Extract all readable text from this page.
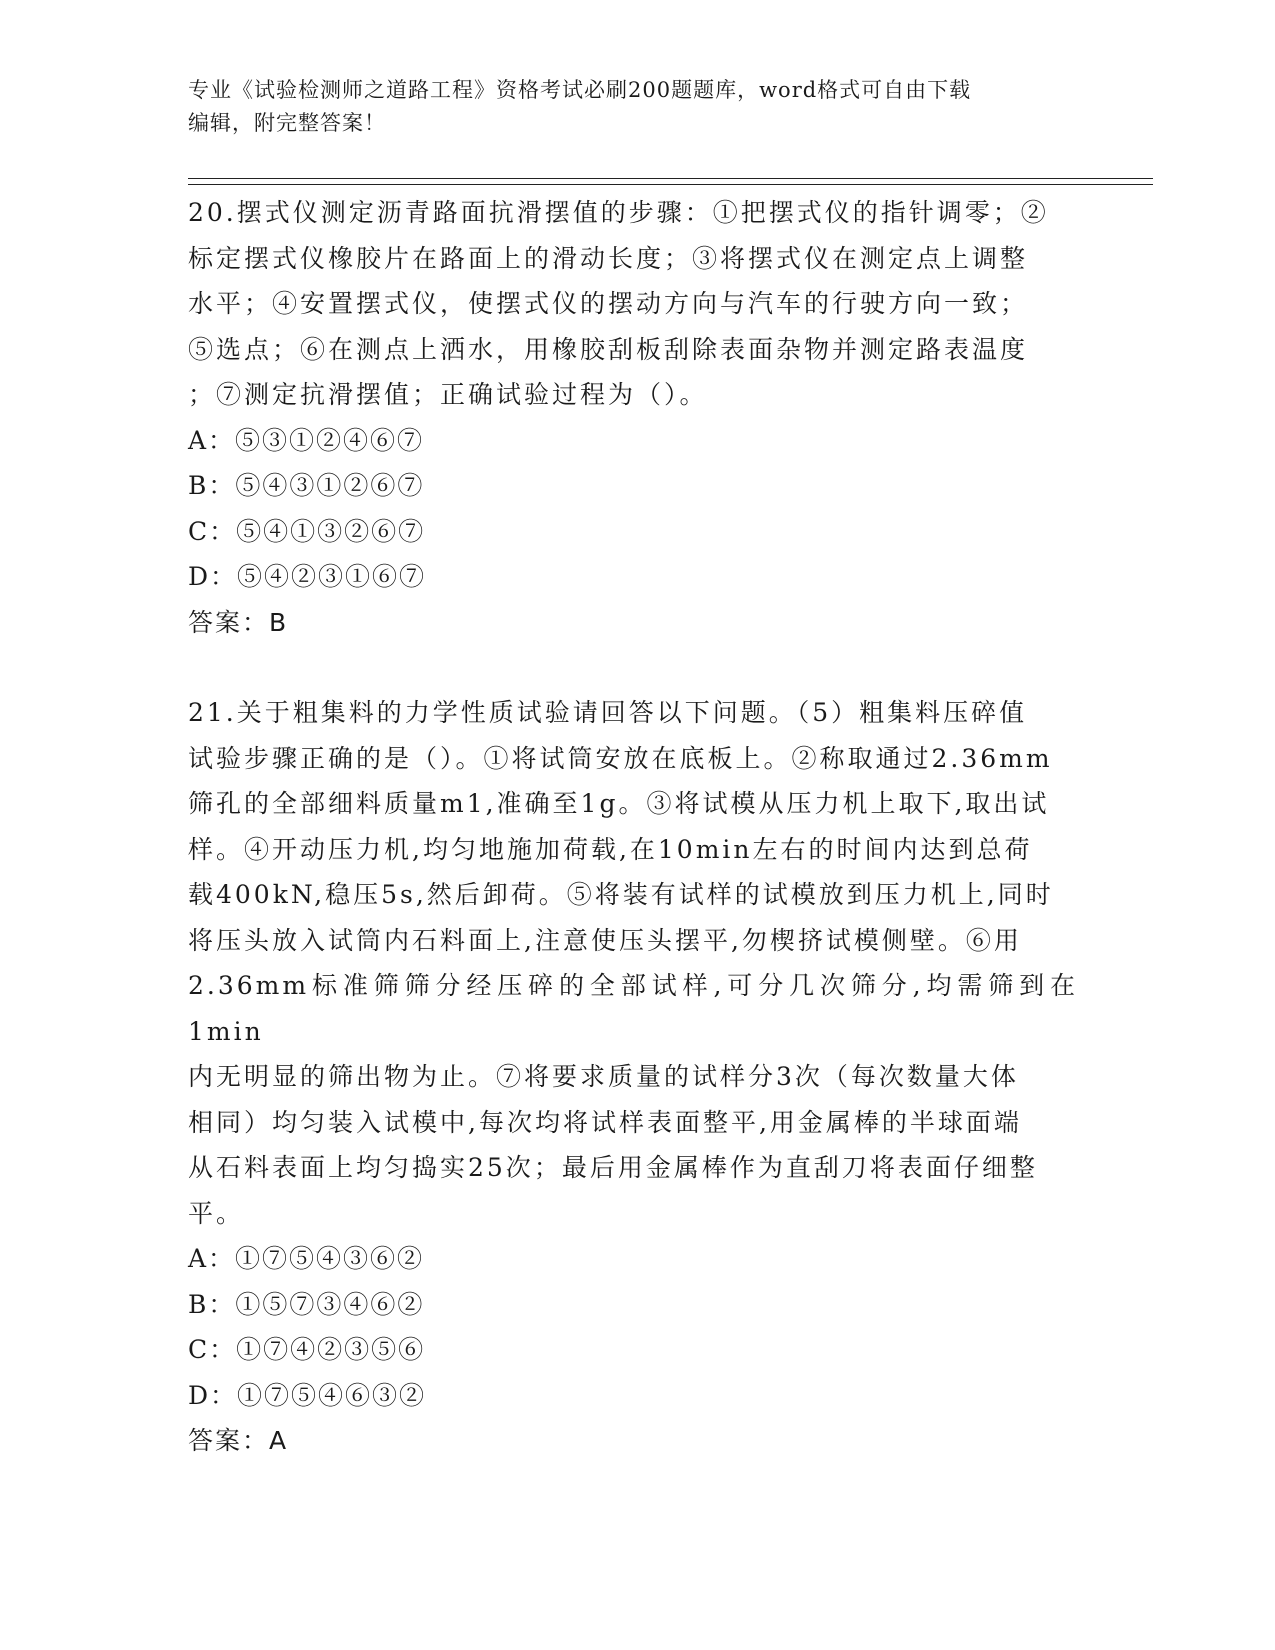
专业《试验检测师之道路工程》资格考试必刷200题题库，word格式可自由下载
编辑，附完整答案！

20.摆式仪测定沥青路面抗滑摆值的步骤：①把摆式仪的指针调零；②

标定摆式仪橡胶片在路面上的滑动长度；③将摆式仪在测定点上调整

水平；④安置摆式仪，使摆式仪的摆动方向与汽车的行驶方向一致；

⑤选点；⑥在测点上洒水，用橡胶刮板刮除表面杂物并测定路表温度

；⑦测定抗滑摆值；正确试验过程为（）。

A：⑤③①②④⑥⑦

B：⑤④③①②⑥⑦

C：⑤④①③②⑥⑦

D：⑤④②③①⑥⑦

答案：B

21.关于粗集料的力学性质试验请回答以下问题。（5）粗集料压碎值

试验步骤正确的是（）。①将试筒安放在底板上。②称取通过2.36mm

筛孔的全部细料质量m1,准确至1g。③将试模从压力机上取下,取出试

样。④开动压力机,均匀地施加荷载,在10min左右的时间内达到总荷

载400kN,稳压5s,然后卸荷。⑤将装有试样的试模放到压力机上,同时

将压头放入试筒内石料面上,注意使压头摆平,勿楔挤试模侧壁。⑥用

2.36mm标准筛筛分经压碎的全部试样,可分几次筛分,均需筛到在1min

内无明显的筛出物为止。⑦将要求质量的试样分3次（每次数量大体

相同）均匀装入试模中,每次均将试样表面整平,用金属棒的半球面端

从石料表面上均匀捣实25次；最后用金属棒作为直刮刀将表面仔细整

平。

A：①⑦⑤④③⑥②

B：①⑤⑦③④⑥②

C：①⑦④②③⑤⑥

D：①⑦⑤④⑥③②

答案：A
